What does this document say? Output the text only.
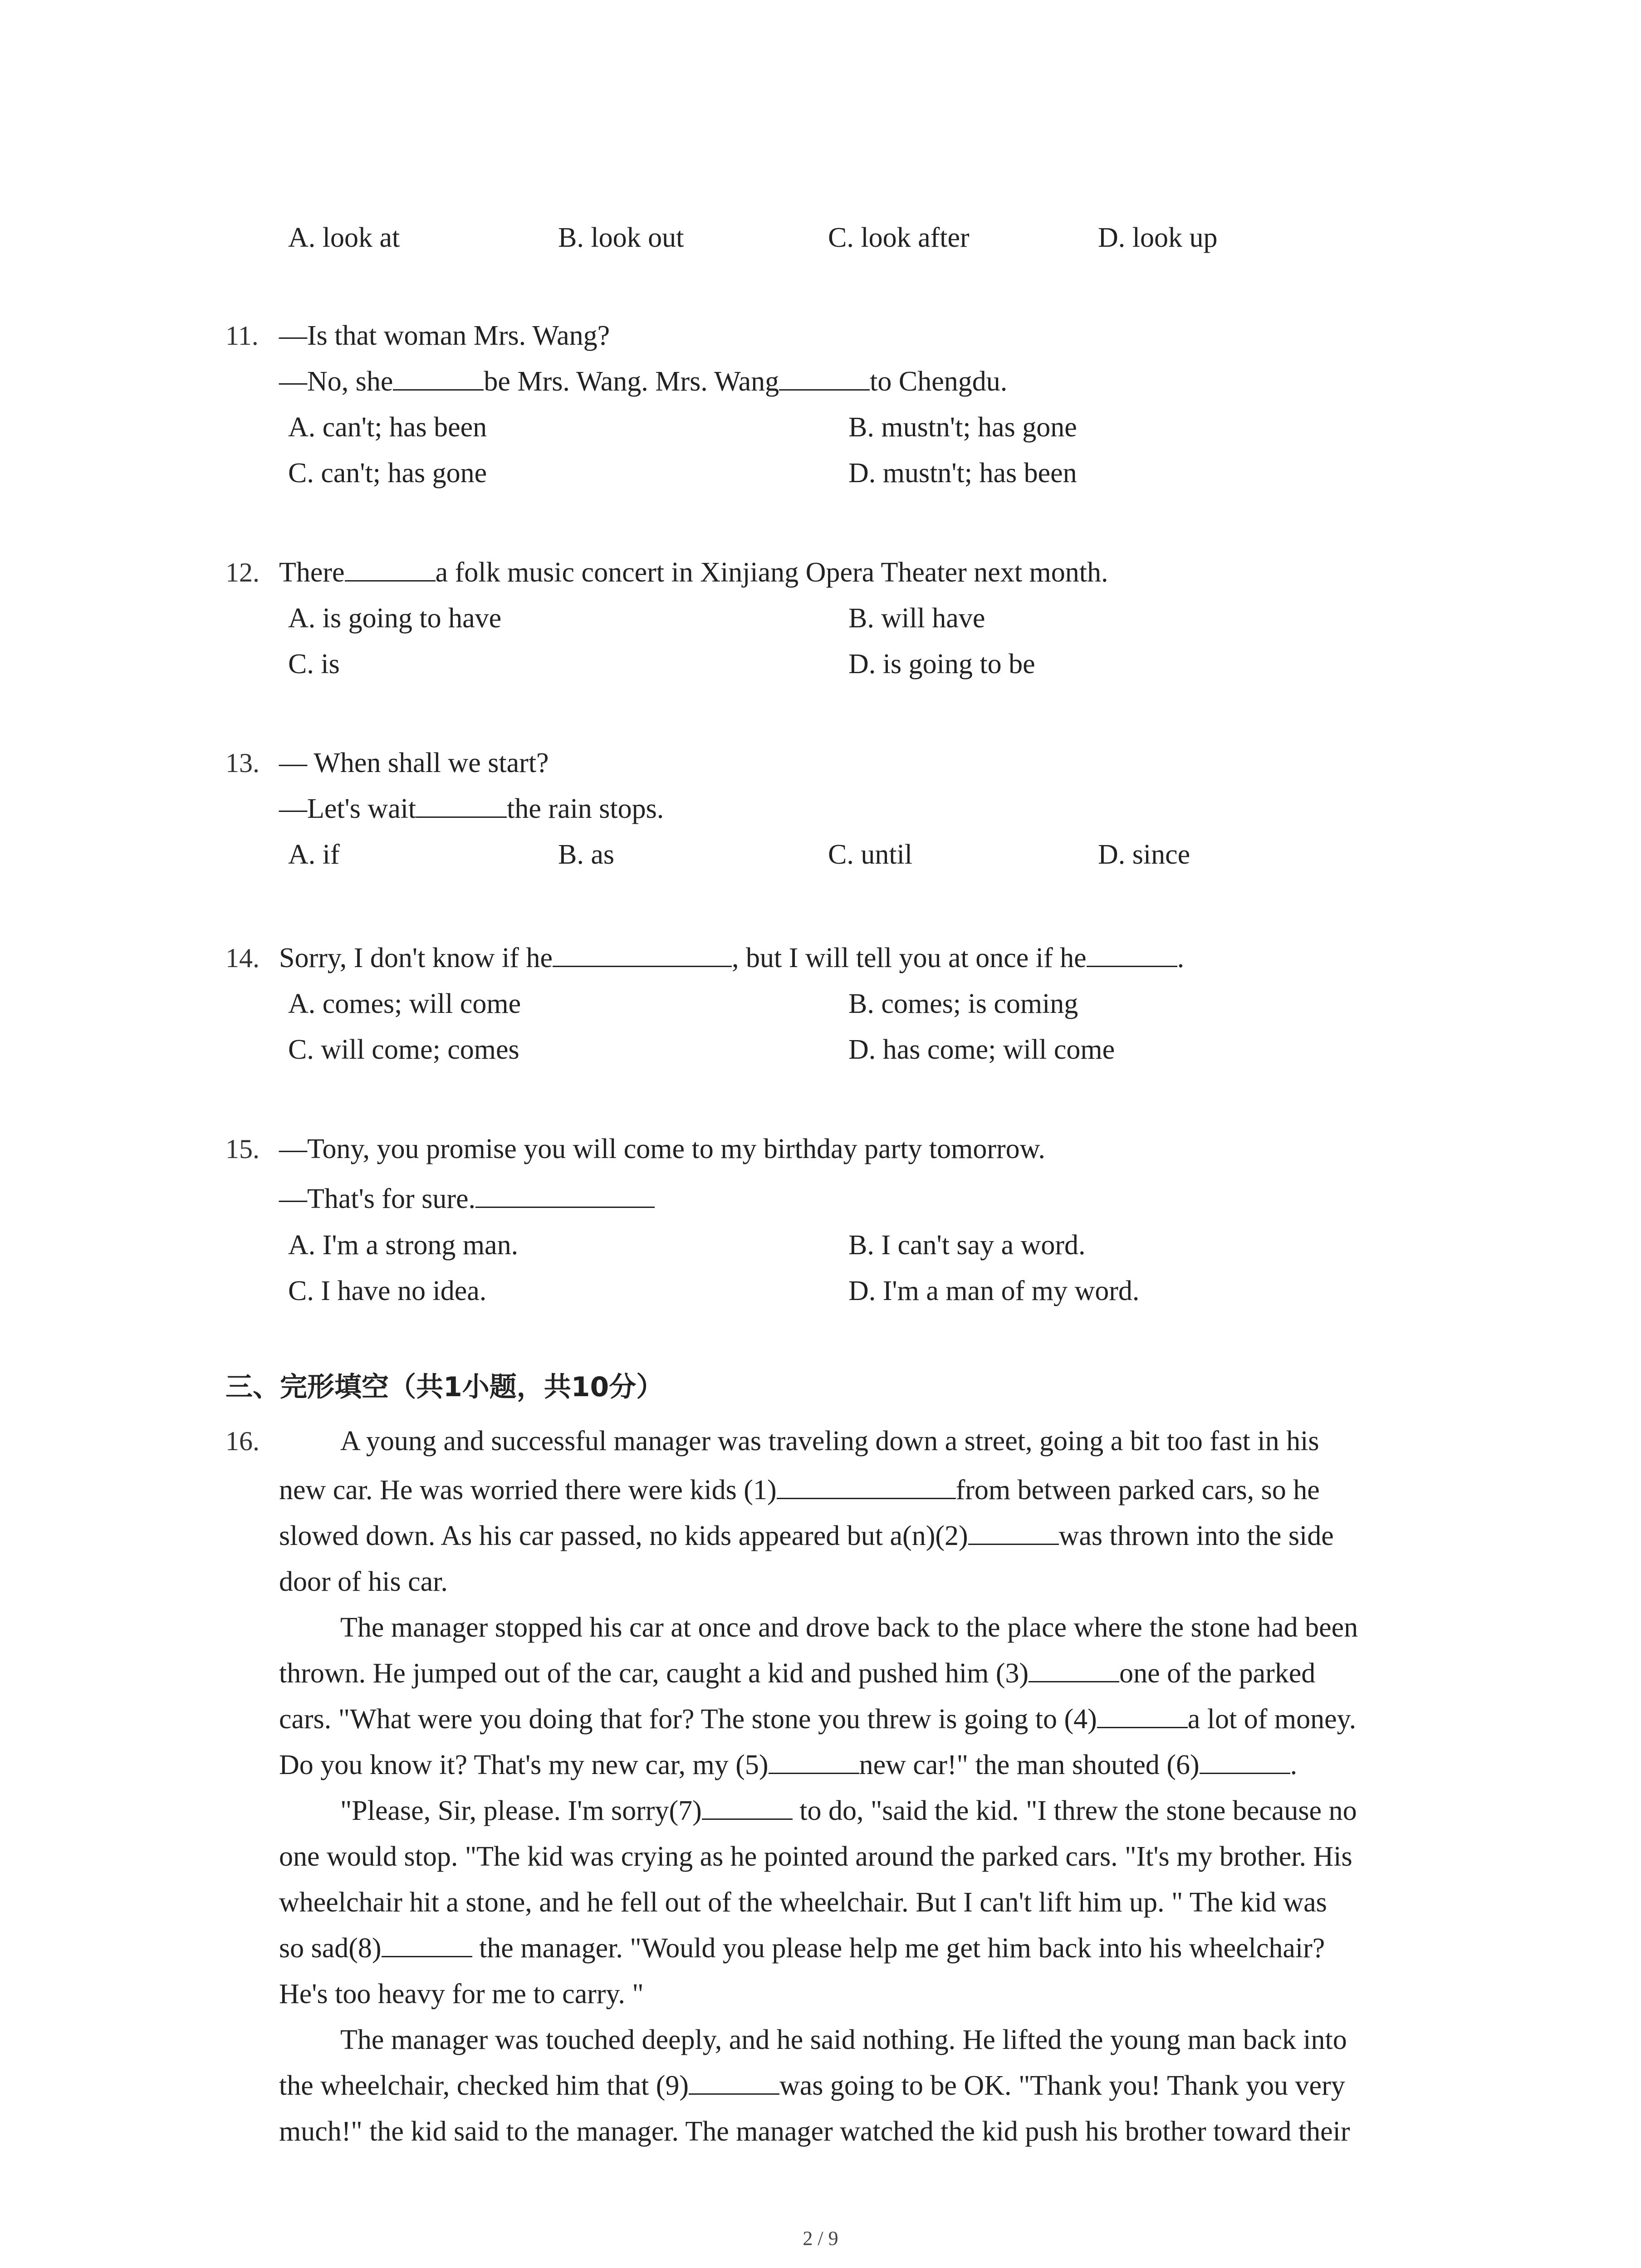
A. look at	B. look out	C. look after	D. look up
11. —Is that woman Mrs. Wang?
—No, she	be Mrs. Wang. Mrs. Wang	to Chengdu.
A. can't; has been	B. mustn't; has gone
C. can't; has gone	D. mustn't; has been
12. There	a folk music concert in Xinjiang Opera Theater next month.
A. is going to have	B. will have
C. is	D. is going to be
13. — When shall we start?
—Let's wait	the rain stops.
A. if	B. as	C. until	D. since
14. Sorry, I don't know if he	, but I will tell you at once if he	.
A. comes; will come	B. comes; is coming
C. will come; comes	D. has come; will come
15. —Tony, you promise you will come to my birthday party tomorrow.
—That's for sure.
A. I'm a strong man.	B. I can't say a word.
C. I have no idea.	D. I'm a man of my word.
三、完形填空（共1小题，共10分）
16.	A young and successful manager was traveling down a street, going a bit too fast in his
new car. He was worried there were kids (1)	from between parked cars, so he
slowed down. As his car passed, no kids appeared but a(n)(2)	was thrown into the side
door of his car.
The manager stopped his car at once and drove back to the place where the stone had been
thrown. He jumped out of the car, caught a kid and pushed him (3)	one of the parked
cars. "What were you doing that for? The stone you threw is going to (4)	a lot of money.
Do you know it? That's my new car, my (5)	new car!" the man shouted (6)	.
"Please, Sir, please. I'm sorry(7)	to do, "said the kid. "I threw the stone because no
one would stop. "The kid was crying as he pointed around the parked cars. "It's my brother. His
wheelchair hit a stone, and he fell out of the wheelchair. But I can't lift him up. " The kid was
so sad(8)	the manager. "Would you please help me get him back into his wheelchair?
He's too heavy for me to carry. "
The manager was touched deeply, and he said nothing. He lifted the young man back into
the wheelchair, checked him that (9)	was going to be OK. "Thank you! Thank you very
much!" the kid said to the manager. The manager watched the kid push his brother toward their
2 / 9
